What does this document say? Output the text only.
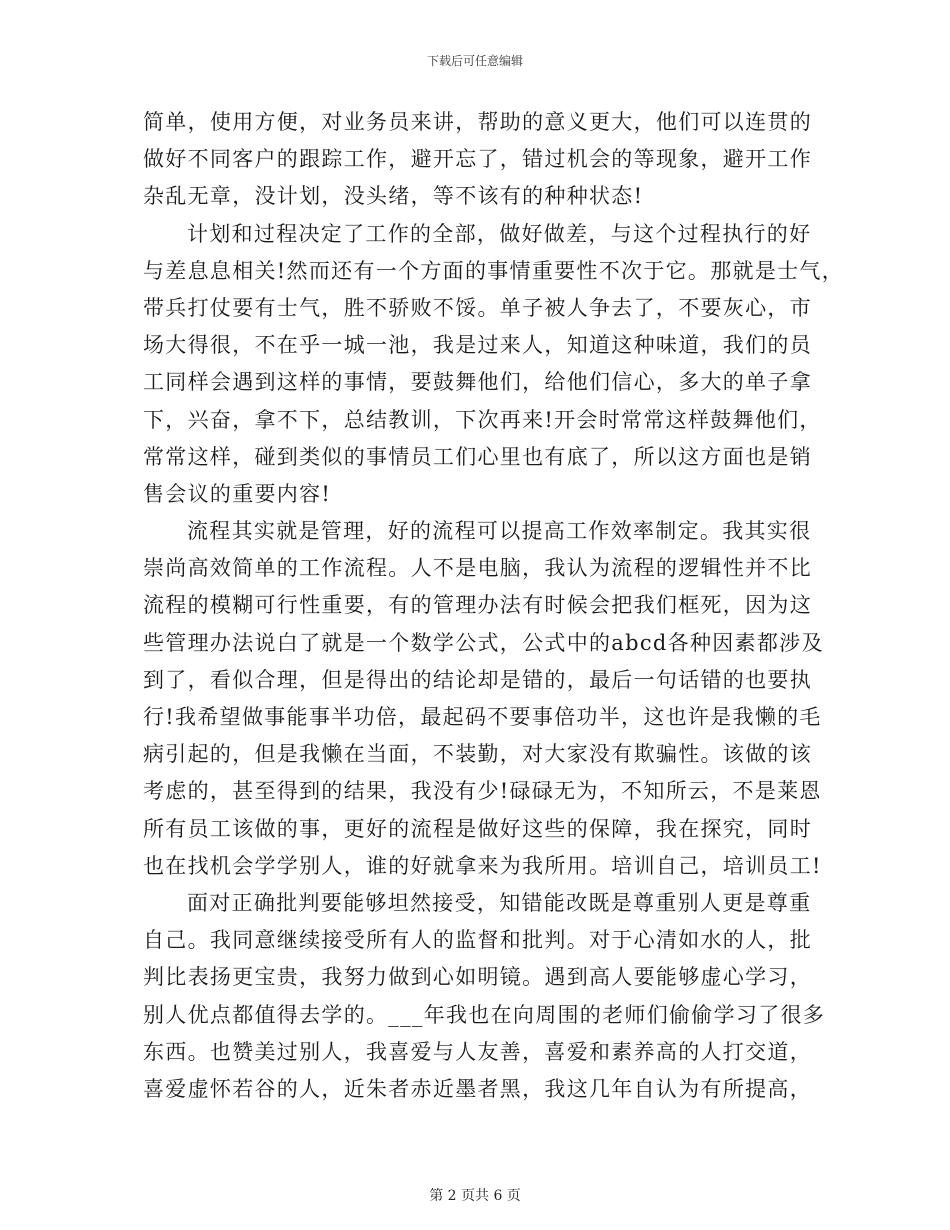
下载后可任意编辑
简单，使用方便，对业务员来讲，帮助的意义更大，他们可以连贯的
做好不同客户的跟踪工作，避开忘了，错过机会的等现象，避开工作
杂乱无章，没计划，没头绪，等不该有的种种状态!
计划和过程决定了工作的全部，做好做差，与这个过程执行的好
与差息息相关!然而还有一个方面的事情重要性不次于它。那就是士气，
带兵打仗要有士气，胜不骄败不馁。单子被人争去了，不要灰心，市
场大得很，不在乎一城一池，我是过来人，知道这种味道，我们的员
工同样会遇到这样的事情，要鼓舞他们，给他们信心，多大的单子拿
下，兴奋，拿不下，总结教训，下次再来!开会时常常这样鼓舞他们，
常常这样，碰到类似的事情员工们心里也有底了，所以这方面也是销
售会议的重要内容!
流程其实就是管理，好的流程可以提高工作效率制定。我其实很
崇尚高效简单的工作流程。人不是电脑，我认为流程的逻辑性并不比
流程的模糊可行性重要，有的管理办法有时候会把我们框死，因为这
些管理办法说白了就是一个数学公式，公式中的abcd各种因素都涉及
到了，看似合理，但是得出的结论却是错的，最后一句话错的也要执
行!我希望做事能事半功倍，最起码不要事倍功半，这也许是我懒的毛
病引起的，但是我懒在当面，不装勤，对大家没有欺骗性。该做的该
考虑的，甚至得到的结果，我没有少!碌碌无为，不知所云，不是莱恩
所有员工该做的事，更好的流程是做好这些的保障，我在探究，同时
也在找机会学学别人，谁的好就拿来为我所用。培训自己，培训员工!
面对正确批判要能够坦然接受，知错能改既是尊重别人更是尊重
自己。我同意继续接受所有人的监督和批判。对于心清如水的人，批
判比表扬更宝贵，我努力做到心如明镜。遇到高人要能够虚心学习，
别人优点都值得去学的。___年我也在向周围的老师们偷偷学习了很多
东西。也赞美过别人，我喜爱与人友善，喜爱和素养高的人打交道，
喜爱虚怀若谷的人，近朱者赤近墨者黑，我这几年自认为有所提高，
第 2 页共 6 页
